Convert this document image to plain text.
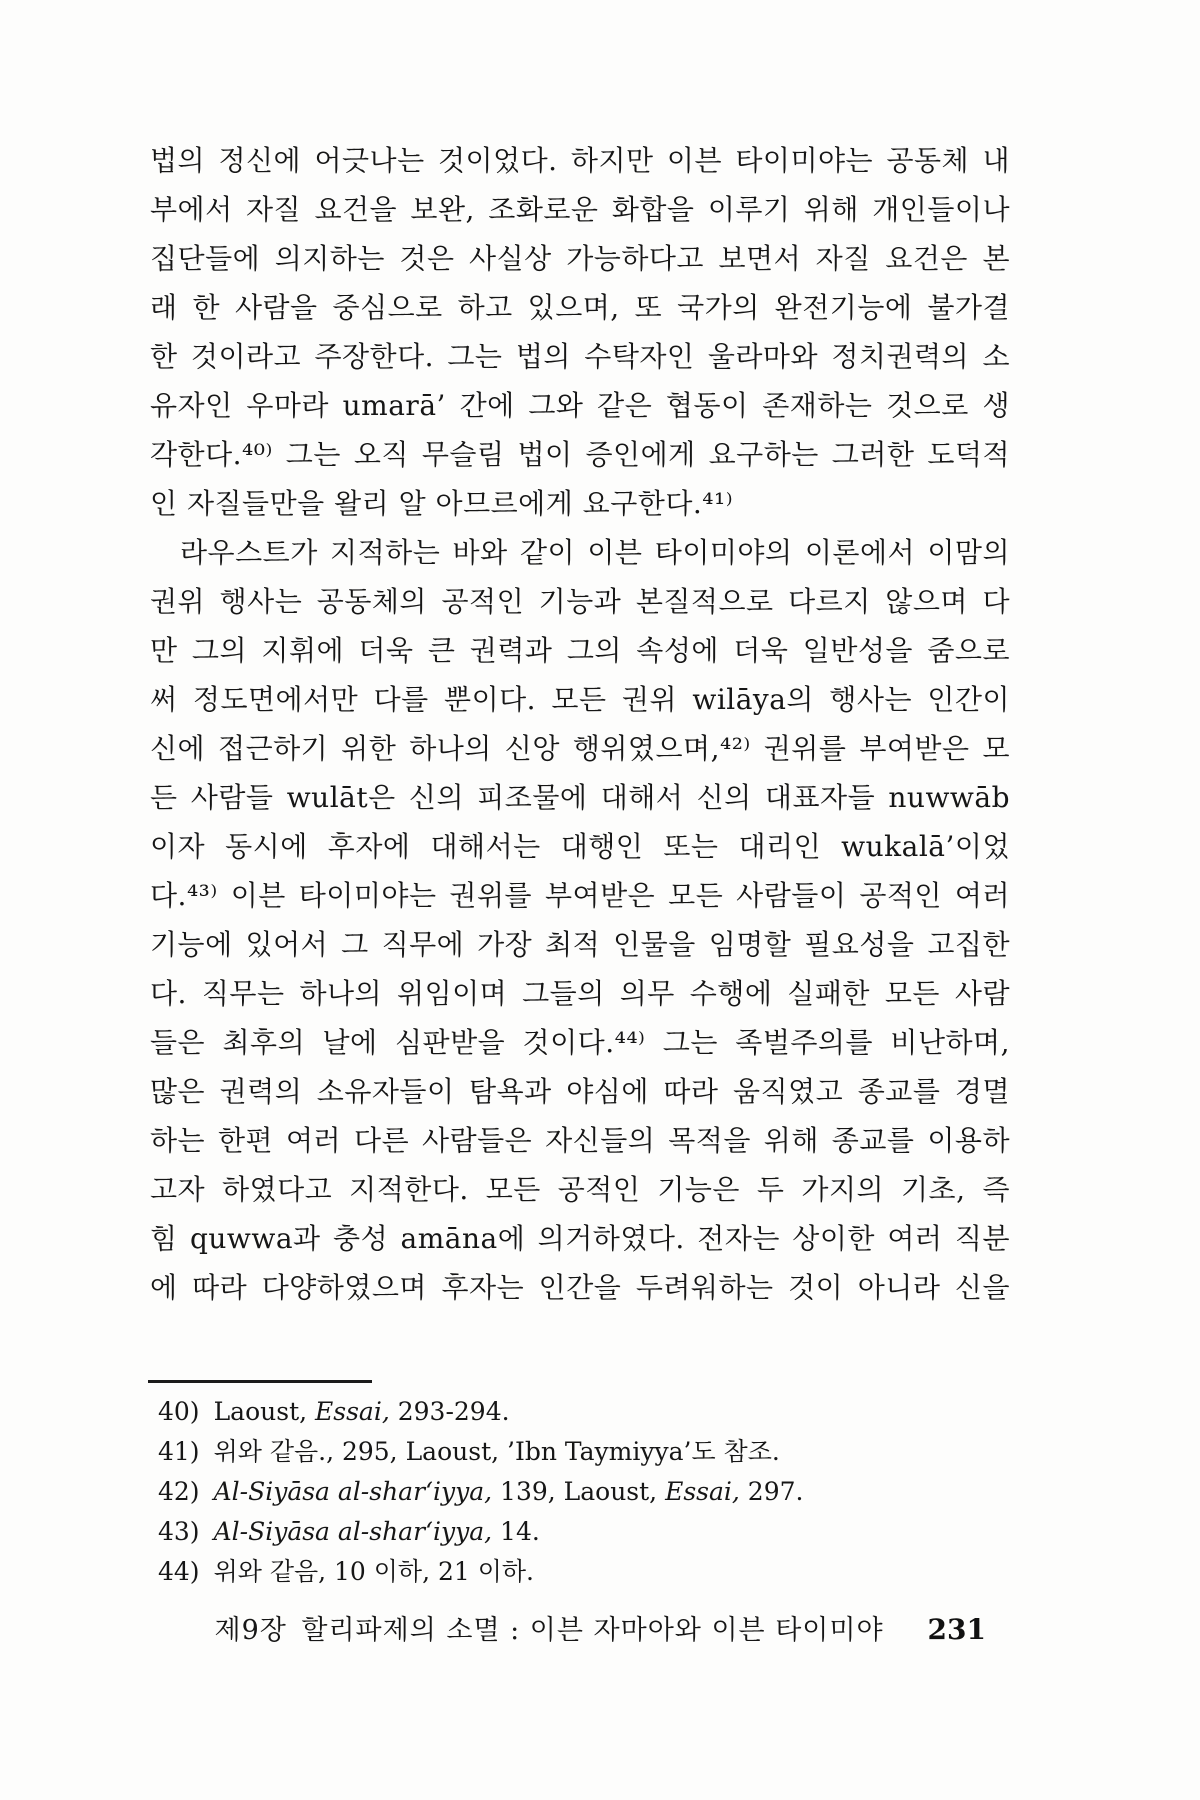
법의 정신에 어긋나는 것이었다. 하지만 이븐 타이미야는 공동체 내

부에서 자질 요건을 보완, 조화로운 화합을 이루기 위해 개인들이나

집단들에 의지하는 것은 사실상 가능하다고 보면서 자질 요건은 본

래 한 사람을 중심으로 하고 있으며, 또 국가의 완전기능에 불가결

한 것이라고 주장한다. 그는 법의 수탁자인 울라마와 정치권력의 소

유자인 우마라 umarā’ 간에 그와 같은 협동이 존재하는 것으로 생

각한다.⁴⁰⁾ 그는 오직 무슬림 법이 증인에게 요구하는 그러한 도덕적

인 자질들만을 왈리 알 아므르에게 요구한다.⁴¹⁾

라우스트가 지적하는 바와 같이 이븐 타이미야의 이론에서 이맘의

권위 행사는 공동체의 공적인 기능과 본질적으로 다르지 않으며 다

만 그의 지휘에 더욱 큰 권력과 그의 속성에 더욱 일반성을 줌으로

써 정도면에서만 다를 뿐이다. 모든 권위 wilāya의 행사는 인간이

신에 접근하기 위한 하나의 신앙 행위였으며,⁴²⁾ 권위를 부여받은 모

든 사람들 wulāt은 신의 피조물에 대해서 신의 대표자들 nuwwāb

이자 동시에 후자에 대해서는 대행인 또는 대리인 wukalā’이었

다.⁴³⁾ 이븐 타이미야는 권위를 부여받은 모든 사람들이 공적인 여러

기능에 있어서 그 직무에 가장 최적 인물을 임명할 필요성을 고집한

다. 직무는 하나의 위임이며 그들의 의무 수행에 실패한 모든 사람

들은 최후의 날에 심판받을 것이다.⁴⁴⁾ 그는 족벌주의를 비난하며,

많은 권력의 소유자들이 탐욕과 야심에 따라 움직였고 종교를 경멸

하는 한편 여러 다른 사람들은 자신들의 목적을 위해 종교를 이용하

고자 하였다고 지적한다. 모든 공적인 기능은 두 가지의 기초, 즉

힘 quwwa과 충성 amāna에 의거하였다. 전자는 상이한 여러 직분

에 따라 다양하였으며 후자는 인간을 두려워하는 것이 아니라 신을

40) Laoust, Essai, 293-294.
41) 위와 같음., 295, Laoust, ’Ibn Taymiyya’도 참조.
42) Al-Siyāsa al-shar‘iyya, 139, Laoust, Essai, 297.
43) Al-Siyāsa al-shar‘iyya, 14.
44) 위와 같음, 10 이하, 21 이하.
제9장 할리파제의 소멸 : 이븐 자마아와 이븐 타이미야 231
